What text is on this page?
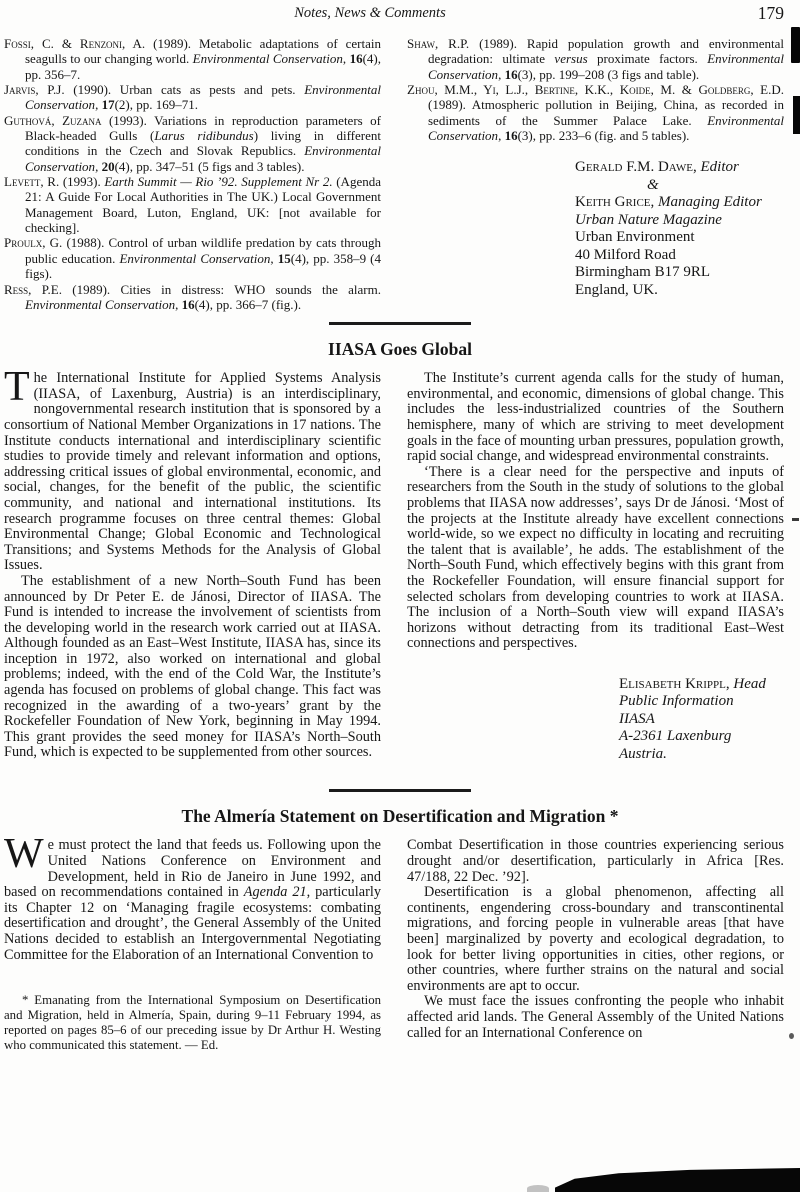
Notes, News & Comments	179

Fossi, C. & Renzoni, A. (1989). Metabolic adaptations of certain seagulls to our changing world. Environmental Conservation, 16(4), pp. 356–7.

Jarvis, P.J. (1990). Urban cats as pests and pets. Environmental Conservation, 17(2), pp. 169–71.

Guthová, Zuzana (1993). Variations in reproduction parameters of Black-headed Gulls (Larus ridibundus) living in different conditions in the Czech and Slovak Republics. Environmental Conservation, 20(4), pp. 347–51 (5 figs and 3 tables).

Levett, R. (1993). Earth Summit — Rio ’92. Supplement Nr 2. (Agenda 21: A Guide For Local Authorities in The UK.) Local Government Management Board, Luton, England, UK: [not available for checking].

Proulx, G. (1988). Control of urban wildlife predation by cats through public education. Environmental Conservation, 15(4), pp. 358–9 (4 figs).

Ress, P.E. (1989). Cities in distress: WHO sounds the alarm. Environmental Conservation, 16(4), pp. 366–7 (fig.).

Shaw, R.P. (1989). Rapid population growth and environmental degradation: ultimate versus proximate factors. Environmental Conservation, 16(3), pp. 199–208 (3 figs and table).

Zhou, M.M., Yi, L.J., Bertine, K.K., Koide, M. & Goldberg, E.D. (1989). Atmospheric pollution in Beijing, China, as recorded in sediments of the Summer Palace Lake. Environmental Conservation, 16(3), pp. 233–6 (fig. and 5 tables).

Gerald F.M. Dawe, Editor
&
Keith Grice, Managing Editor
Urban Nature Magazine
Urban Environment
40 Milford Road
Birmingham B17 9RL
England, UK.
IIASA Goes Global

The International Institute for Applied Systems Analysis (IIASA, of Laxenburg, Austria) is an interdisciplinary, nongovernmental research institution that is sponsored by a consortium of National Member Organizations in 17 nations. The Institute conducts international and interdisciplinary scientific studies to provide timely and relevant information and options, addressing critical issues of global environmental, economic, and social, changes, for the benefit of the public, the scientific community, and national and international institutions. Its research programme focuses on three central themes: Global Environmental Change; Global Economic and Technological Transitions; and Systems Methods for the Analysis of Global Issues.

The establishment of a new North–South Fund has been announced by Dr Peter E. de Jánosi, Director of IIASA. The Fund is intended to increase the involvement of scientists from the developing world in the research work carried out at IIASA. Although founded as an East–West Institute, IIASA has, since its inception in 1972, also worked on international and global problems; indeed, with the end of the Cold War, the Institute’s agenda has focused on problems of global change. This fact was recognized in the awarding of a two-years’ grant by the Rockefeller Foundation of New York, beginning in May 1994. This grant provides the seed money for IIASA’s North–South Fund, which is expected to be supplemented from other sources.

The Institute’s current agenda calls for the study of human, environmental, and economic, dimensions of global change. This includes the less-industrialized countries of the Southern hemisphere, many of which are striving to meet development goals in the face of mounting urban pressures, population growth, rapid social change, and widespread environmental constraints.

‘There is a clear need for the perspective and inputs of researchers from the South in the study of solutions to the global problems that IIASA now addresses’, says Dr de Jánosi. ‘Most of the projects at the Institute already have excellent connections world-wide, so we expect no difficulty in locating and recruiting the talent that is available’, he adds. The establishment of the North–South Fund, which effectively begins with this grant from the Rockefeller Foundation, will ensure financial support for selected scholars from developing countries to work at IIASA. The inclusion of a North–South view will expand IIASA’s horizons without detracting from its traditional East–West connections and perspectives.

Elisabeth Krippl, Head
Public Information
IIASA
A-2361 Laxenburg
Austria.
The Almería Statement on Desertification and Migration *

We must protect the land that feeds us. Following upon the United Nations Conference on Environment and Development, held in Rio de Janeiro in June 1992, and based on recommendations contained in Agenda 21, particularly its Chapter 12 on ‘Managing fragile ecosystems: combating desertification and drought’, the General Assembly of the United Nations decided to establish an Intergovernmental Negotiating Committee for the Elaboration of an International Convention to

* Emanating from the International Symposium on Desertification and Migration, held in Almería, Spain, during 9–11 February 1994, as reported on pages 85–6 of our preceding issue by Dr Arthur H. Westing who communicated this statement. — Ed.

Combat Desertification in those countries experiencing serious drought and/or desertification, particularly in Africa [Res. 47/188, 22 Dec. ’92].

Desertification is a global phenomenon, affecting all continents, engendering cross-boundary and transcontinental migrations, and forcing people in vulnerable areas [that have been] marginalized by poverty and ecological degradation, to look for better living opportunities in cities, other regions, or other countries, where further strains on the natural and social environments are apt to occur.

We must face the issues confronting the people who inhabit affected arid lands. The General Assembly of the United Nations called for an International Conference on
